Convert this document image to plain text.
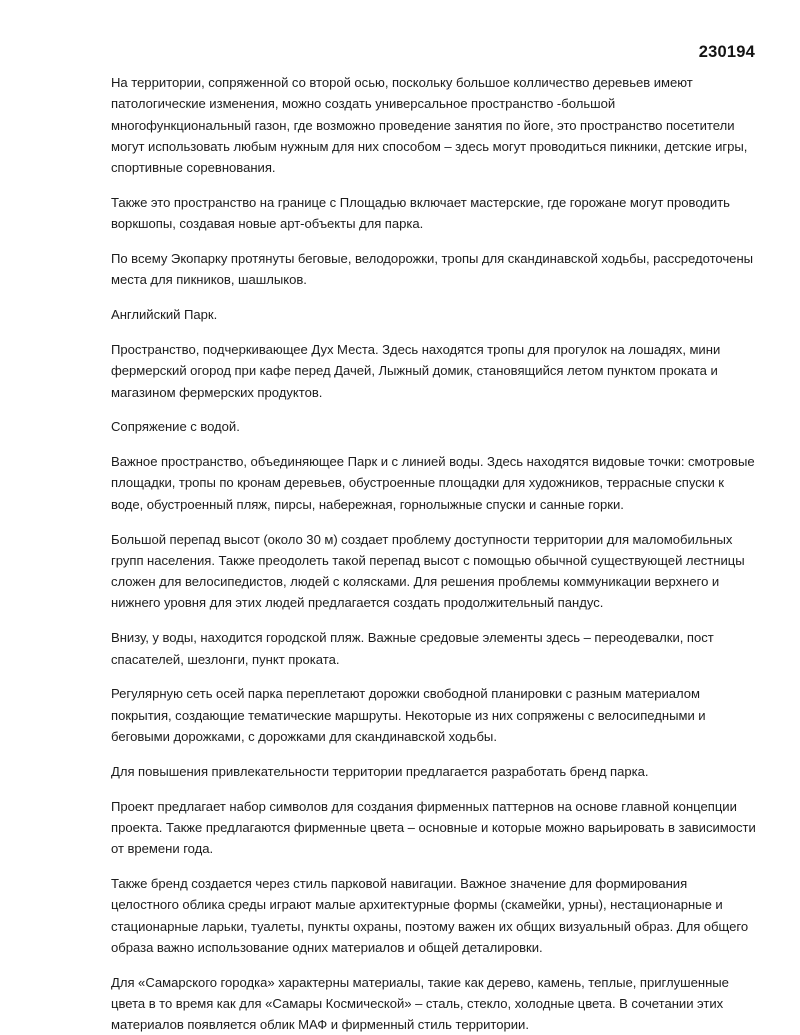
230194

На территории, сопряженной со второй осью, поскольку большое колличество деревьев имеют патологические изменения, можно создать универсальное пространство -большой многофункциональный газон, где возможно проведение занятия по йоге, это пространство посетители могут использовать любым нужным для них способом – здесь могут проводиться пикники, детские игры, спортивные соревнования.

Также это пространство на границе с Площадью включает мастерские, где горожане могут проводить воркшопы, создавая новые арт-объекты для парка.

По всему Экопарку протянуты беговые, велодорожки, тропы для скандинавской ходьбы, рассредоточены места для пикников, шашлыков.

Английский Парк.

Пространство, подчеркивающее Дух Места. Здесь находятся тропы для прогулок на лошадях, мини фермерский огород при кафе перед Дачей, Лыжный домик, становящийся летом пунктом проката и магазином фермерских продуктов.

Сопряжение с водой.

Важное пространство, объединяющее Парк и с линией воды. Здесь находятся видовые точки: смотровые площадки, тропы по кронам деревьев, обустроенные площадки для художников, террасные спуски к воде, обустроенный пляж, пирсы, набережная, горнолыжные спуски и санные горки.

Большой перепад высот (около 30 м) создает проблему доступности территории для маломобильных групп населения. Также преодолеть такой перепад высот с помощью обычной существующей лестницы сложен для велосипедистов, людей с колясками. Для решения проблемы коммуникации верхнего и нижнего уровня для этих людей предлагается создать продолжительный пандус.

Внизу, у воды, находится городской пляж. Важные средовые элементы здесь – переодевалки, пост спасателей, шезлонги, пункт проката.

Регулярную сеть осей парка переплетают дорожки свободной планировки с разным материалом покрытия, создающие тематические маршруты. Некоторые из них сопряжены с велосипедными и беговыми дорожками, с дорожками для скандинавской ходьбы.

Для повышения привлекательности территории предлагается разработать бренд парка.

Проект предлагает набор символов для создания фирменных паттернов на основе главной концепции проекта. Также предлагаются фирменные цвета – основные и которые можно варьировать в зависимости от времени года.

Также бренд создается через стиль парковой навигации. Важное значение для формирования целостного облика среды играют малые архитектурные формы (скамейки, урны), нестационарные и стационарные ларьки, туалеты, пункты охраны, поэтому важен их общих визуальный образ. Для общего образа важно использование одних материалов и общей деталировки.

Для «Самарского городка» характерны материалы, такие как дерево, камень, теплые, приглушенные цвета в то время как для «Самары Космической» – сталь, стекло, холодные цвета. В сочетании этих материалов появляется облик МАФ и фирменный стиль территории.
